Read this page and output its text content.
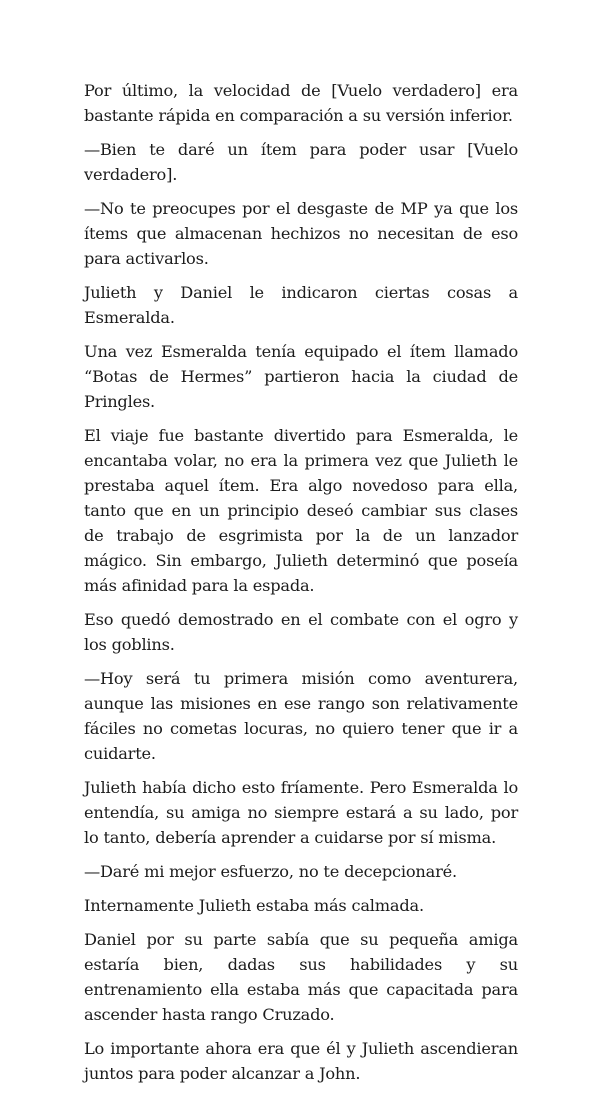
Por último, la velocidad de [Vuelo verdadero] era bastante rápida en comparación a su versión inferior.

—Bien te daré un ítem para poder usar [Vuelo verdadero].

—No te preocupes por el desgaste de MP ya que los ítems que almacenan hechizos no necesitan de eso para activarlos.

Julieth y Daniel le indicaron ciertas cosas a Esmeralda.

Una vez Esmeralda tenía equipado el ítem llamado “Botas de Hermes” partieron hacia la ciudad de Pringles.

El viaje fue bastante divertido para Esmeralda, le encantaba volar, no era la primera vez que Julieth le prestaba aquel ítem. Era algo novedoso para ella, tanto que en un principio deseó cambiar sus clases de trabajo de esgrimista por la de un lanzador mágico. Sin embargo, Julieth determinó que poseía más afinidad para la espada.

Eso quedó demostrado en el combate con el ogro y los goblins.

—Hoy será tu primera misión como aventurera, aunque las misiones en ese rango son relativamente fáciles no cometas locuras, no quiero tener que ir a cuidarte.

Julieth había dicho esto fríamente. Pero Esmeralda lo entendía, su amiga no siempre estará a su lado, por lo tanto, debería aprender a cuidarse por sí misma.

—Daré mi mejor esfuerzo, no te decepcionaré.

Internamente Julieth estaba más calmada.

Daniel por su parte sabía que su pequeña amiga estaría bien, dadas sus habilidades y su entrenamiento ella estaba más que capacitada para ascender hasta rango Cruzado.

Lo importante ahora era que él y Julieth ascendieran juntos para poder alcanzar a John.
